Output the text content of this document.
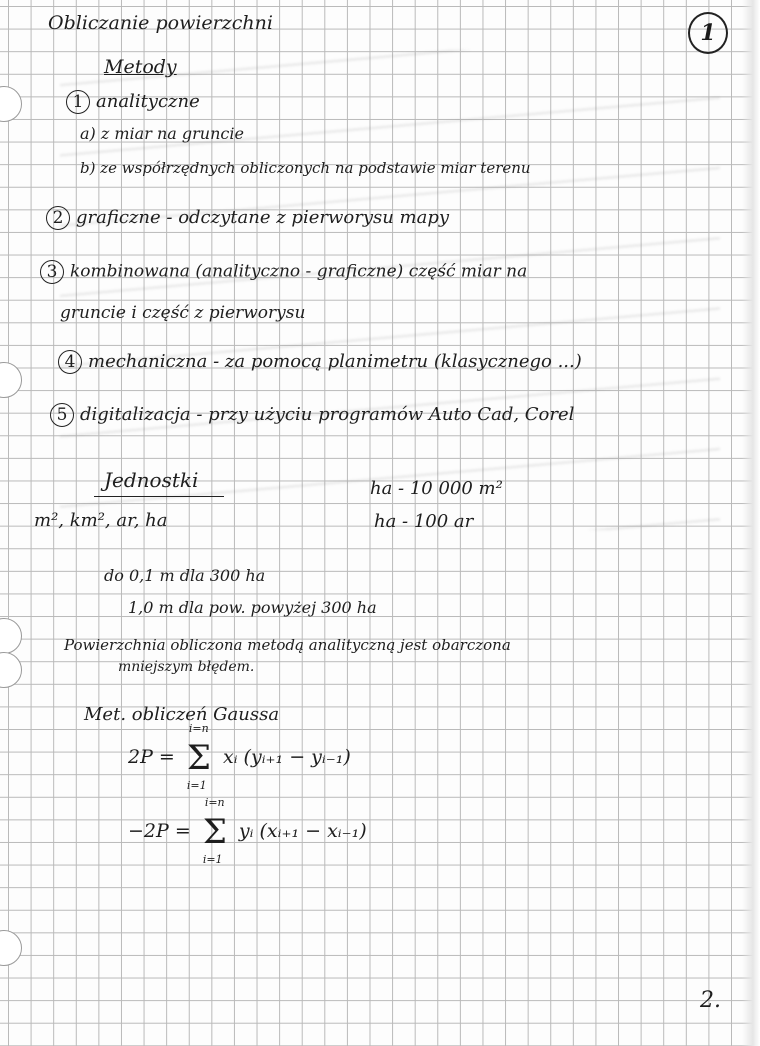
Obliczanie powierzchni	1
Metody
1 analityczne
a) z miar na gruncie
b) ze współrzędnych obliczonych na podstawie miar terenu
2 graficzne - odczytane z pierworysu mapy
3 kombinowana (analityczno - graficzne) część miar na
gruncie i część z pierworysu
4 mechaniczna - za pomocą planimetru (klasycznego ...)
5 digitalizacja - przy użyciu programów Auto Cad, Corel
Jednostki
m², km², ar, ha
ha - 10 000 m²
ha - 100 ar
do 0,1 m dla 300 ha
1,0 m dla pow. powyżej 300 ha
Powierzchnia obliczona metodą analityczną jest obarczona
mniejszym błędem.
Met. obliczeń Gaussa
2P = Σ
i=n
i=1
xᵢ (yᵢ₊₁ − yᵢ₋₁)
−2P = Σ
i=n
i=1
yᵢ (xᵢ₊₁ − xᵢ₋₁)
2.
